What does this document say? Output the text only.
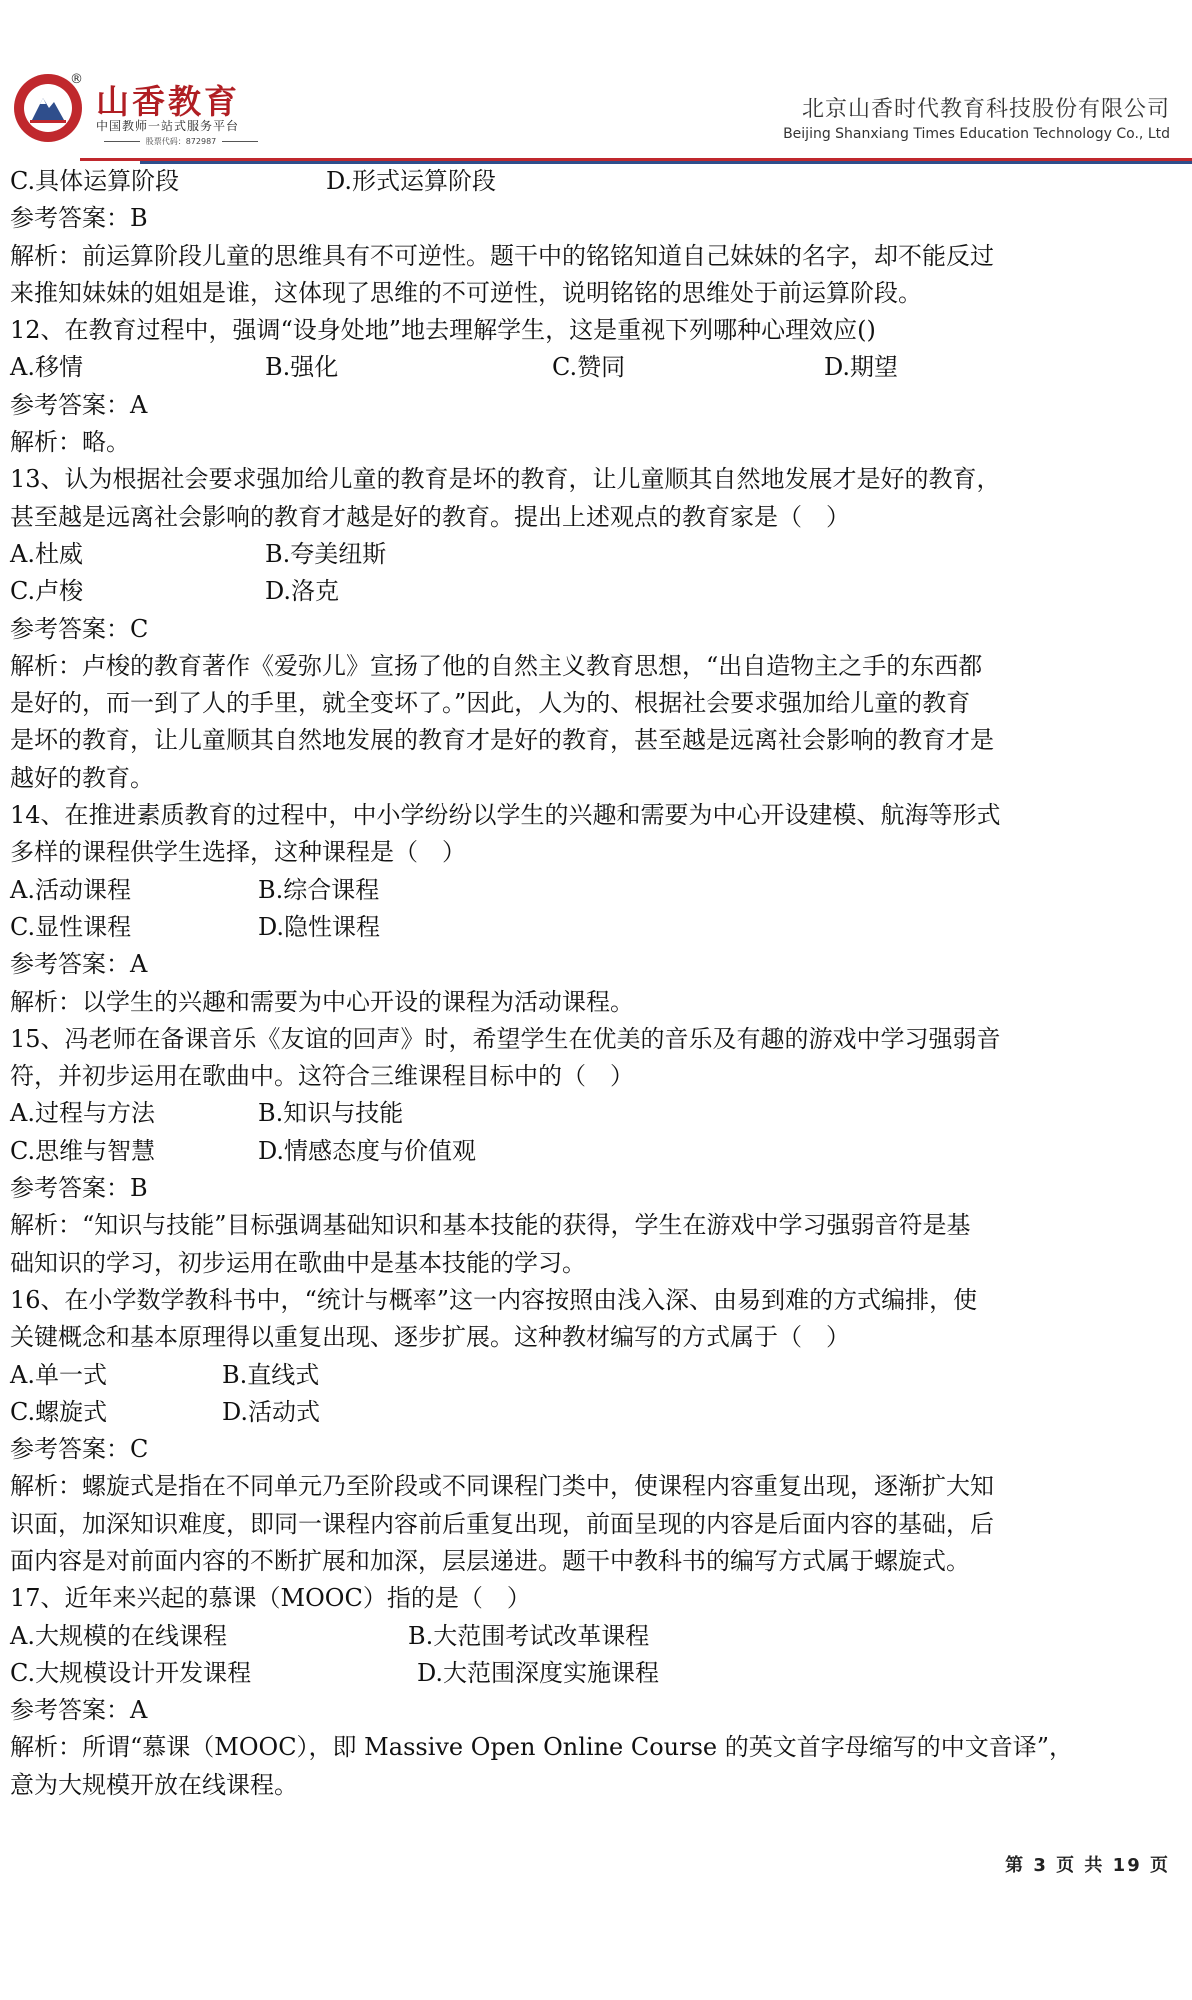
®
山香教育
中国教师一站式服务平台
股票代码：872987
北京山香时代教育科技股份有限公司
Beijing Shanxiang Times Education Technology Co., Ltd
C.具体运算阶段	D.形式运算阶段
参考答案：B
解析：前运算阶段儿童的思维具有不可逆性。题干中的铭铭知道自己妹妹的名字，却不能反过
来推知妹妹的姐姐是谁，这体现了思维的不可逆性，说明铭铭的思维处于前运算阶段。
12、在教育过程中，强调“设身处地”地去理解学生，这是重视下列哪种心理效应()
A.移情	B.强化	C.赞同	D.期望
参考答案：A
解析：略。
13、认为根据社会要求强加给儿童的教育是坏的教育，让儿童顺其自然地发展才是好的教育，
甚至越是远离社会影响的教育才越是好的教育。提出上述观点的教育家是（　）
A.杜威	B.夸美纽斯
C.卢梭	D.洛克
参考答案：C
解析：卢梭的教育著作《爱弥儿》宣扬了他的自然主义教育思想，“出自造物主之手的东西都
是好的，而一到了人的手里，就全变坏了。”因此，人为的、根据社会要求强加给儿童的教育
是坏的教育，让儿童顺其自然地发展的教育才是好的教育，甚至越是远离社会影响的教育才是
越好的教育。
14、在推进素质教育的过程中，中小学纷纷以学生的兴趣和需要为中心开设建模、航海等形式
多样的课程供学生选择，这种课程是（　）
A.活动课程	B.综合课程
C.显性课程	D.隐性课程
参考答案：A
解析：以学生的兴趣和需要为中心开设的课程为活动课程。
15、冯老师在备课音乐《友谊的回声》时，希望学生在优美的音乐及有趣的游戏中学习强弱音
符，并初步运用在歌曲中。这符合三维课程目标中的（　）
A.过程与方法	B.知识与技能
C.思维与智慧	D.情感态度与价值观
参考答案：B
解析：“知识与技能”目标强调基础知识和基本技能的获得，学生在游戏中学习强弱音符是基
础知识的学习，初步运用在歌曲中是基本技能的学习。
16、在小学数学教科书中，“统计与概率”这一内容按照由浅入深、由易到难的方式编排，使
关键概念和基本原理得以重复出现、逐步扩展。这种教材编写的方式属于（　）
A.单一式	B.直线式
C.螺旋式	D.活动式
参考答案：C
解析：螺旋式是指在不同单元乃至阶段或不同课程门类中，使课程内容重复出现，逐渐扩大知
识面，加深知识难度，即同一课程内容前后重复出现，前面呈现的内容是后面内容的基础，后
面内容是对前面内容的不断扩展和加深，层层递进。题干中教科书的编写方式属于螺旋式。
17、近年来兴起的慕课（MOOC）指的是（　）
A.大规模的在线课程	B.大范围考试改革课程
C.大规模设计开发课程	D.大范围深度实施课程
参考答案：A
解析：所谓“慕课（MOOC），即 Massive Open Online Course 的英文首字母缩写的中文音译”，
意为大规模开放在线课程。
第 3 页 共 19 页
